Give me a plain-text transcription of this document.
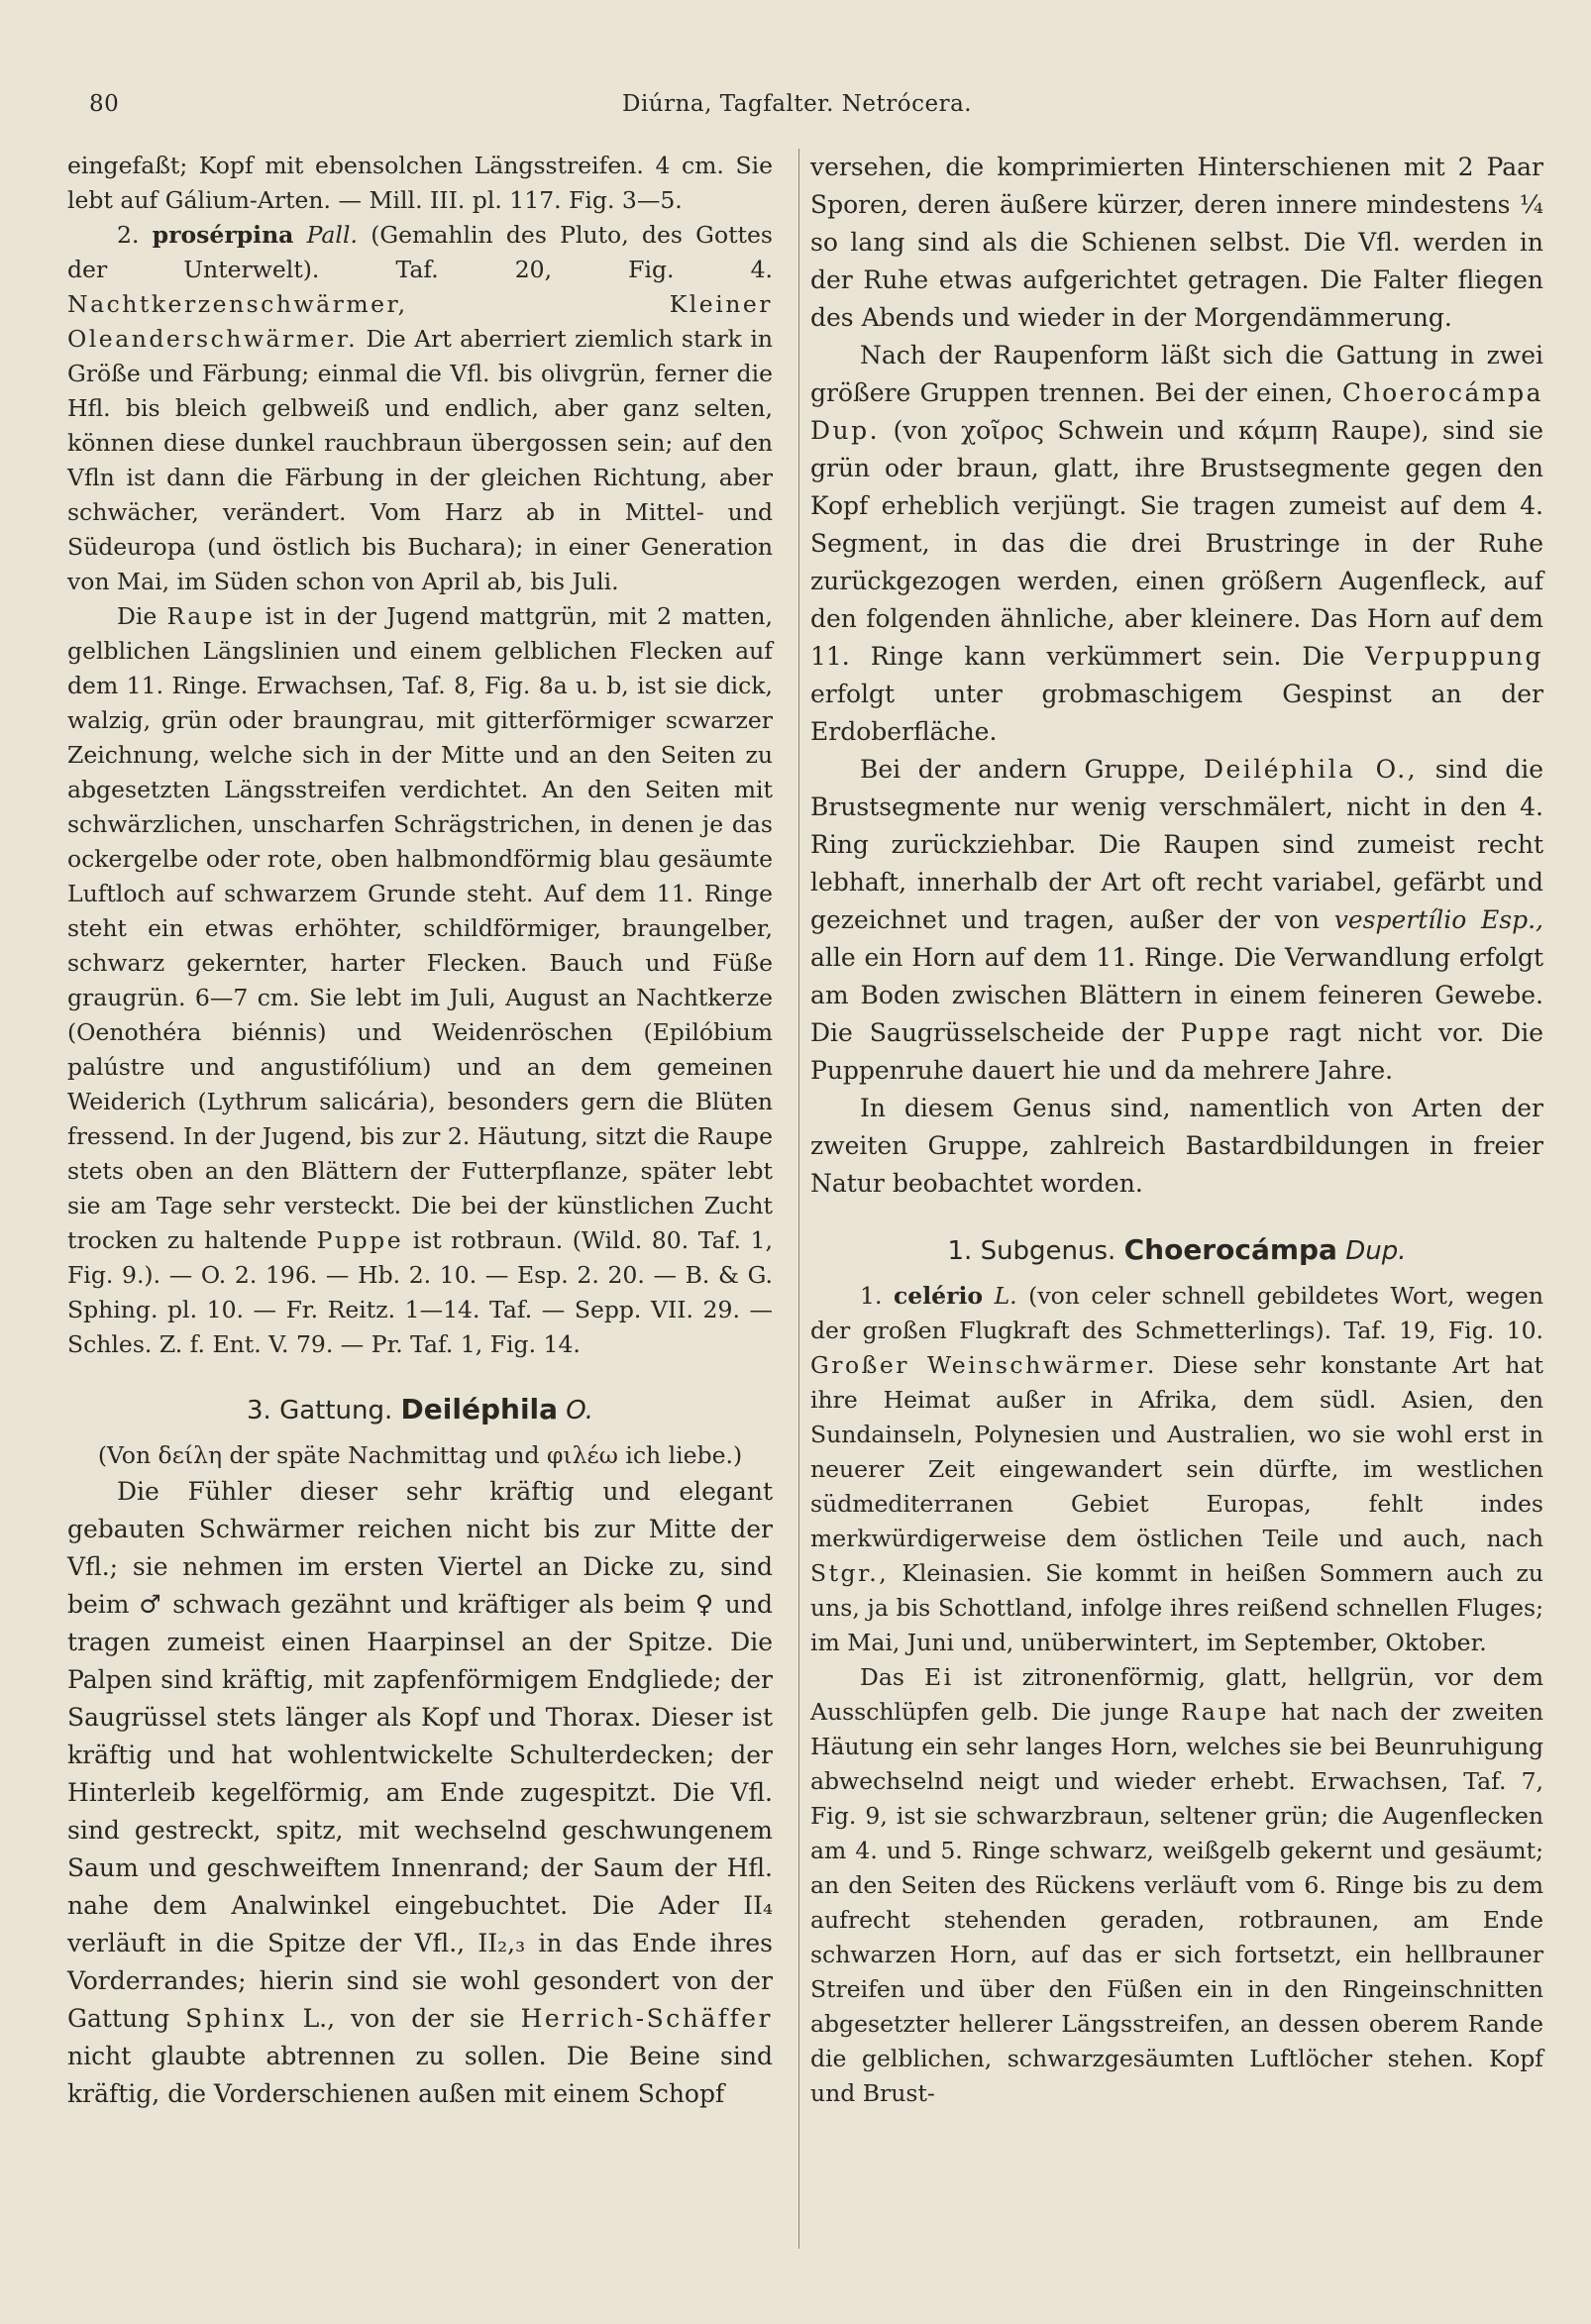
80	Diúrna, Tagfalter. Netrócera.

eingefaßt; Kopf mit ebensolchen Längsstreifen. 4 cm. Sie lebt auf Gálium-Arten. — Mill. III. pl. 117. Fig. 3—5.

2. prosérpina Pall. (Gemahlin des Pluto, des Gottes der Unterwelt). Taf. 20, Fig. 4. Nachtkerzenschwärmer, Kleiner Oleanderschwärmer. Die Art aberriert ziemlich stark in Größe und Färbung; einmal die Vfl. bis olivgrün, ferner die Hfl. bis bleich gelbweiß und endlich, aber ganz selten, können diese dunkel rauchbraun übergossen sein; auf den Vfln ist dann die Färbung in der gleichen Richtung, aber schwächer, verändert. Vom Harz ab in Mittel- und Südeuropa (und östlich bis Buchara); in einer Generation von Mai, im Süden schon von April ab, bis Juli.

Die Raupe ist in der Jugend mattgrün, mit 2 matten, gelblichen Längslinien und einem gelblichen Flecken auf dem 11. Ringe. Erwachsen, Taf. 8, Fig. 8a u. b, ist sie dick, walzig, grün oder braungrau, mit gitterförmiger scwarzer Zeichnung, welche sich in der Mitte und an den Seiten zu abgesetzten Längsstreifen verdichtet. An den Seiten mit schwärzlichen, unscharfen Schrägstrichen, in denen je das ockergelbe oder rote, oben halbmondförmig blau gesäumte Luftloch auf schwarzem Grunde steht. Auf dem 11. Ringe steht ein etwas erhöhter, schildförmiger, braungelber, schwarz gekernter, harter Flecken. Bauch und Füße graugrün. 6—7 cm. Sie lebt im Juli, August an Nachtkerze (Oenothéra biénnis) und Weidenröschen (Epilóbium palústre und angustifólium) und an dem gemeinen Weiderich (Lythrum salicária), besonders gern die Blüten fressend. In der Jugend, bis zur 2. Häutung, sitzt die Raupe stets oben an den Blättern der Futterpflanze, später lebt sie am Tage sehr versteckt. Die bei der künstlichen Zucht trocken zu haltende Puppe ist rotbraun. (Wild. 80. Taf. 1, Fig. 9.). — O. 2. 196. — Hb. 2. 10. — Esp. 2. 20. — B. & G. Sphing. pl. 10. — Fr. Reitz. 1—14. Taf. — Sepp. VII. 29. — Schles. Z. f. Ent. V. 79. — Pr. Taf. 1, Fig. 14.

3. Gattung. Deiléphila O.

(Von δείλη der späte Nachmittag und φιλέω ich liebe.)

Die Fühler dieser sehr kräftig und elegant gebauten Schwärmer reichen nicht bis zur Mitte der Vfl.; sie nehmen im ersten Viertel an Dicke zu, sind beim ♂ schwach gezähnt und kräftiger als beim ♀ und tragen zumeist einen Haarpinsel an der Spitze. Die Palpen sind kräftig, mit zapfenförmigem Endgliede; der Saugrüssel stets länger als Kopf und Thorax. Dieser ist kräftig und hat wohlentwickelte Schulterdecken; der Hinterleib kegelförmig, am Ende zugespitzt. Die Vfl. sind gestreckt, spitz, mit wechselnd geschwungenem Saum und geschweiftem Innenrand; der Saum der Hfl. nahe dem Analwinkel eingebuchtet. Die Ader II₄ verläuft in die Spitze der Vfl., II₂,₃ in das Ende ihres Vorderrandes; hierin sind sie wohl gesondert von der Gattung Sphinx L., von der sie Herrich-Schäffer nicht glaubte abtrennen zu sollen. Die Beine sind kräftig, die Vorderschienen außen mit einem Schopf

versehen, die komprimierten Hinterschienen mit 2 Paar Sporen, deren äußere kürzer, deren innere mindestens ¼ so lang sind als die Schienen selbst. Die Vfl. werden in der Ruhe etwas aufgerichtet getragen. Die Falter fliegen des Abends und wieder in der Morgendämmerung.

Nach der Raupenform läßt sich die Gattung in zwei größere Gruppen trennen. Bei der einen, Choerocámpa Dup. (von χοῖρος Schwein und κάμπη Raupe), sind sie grün oder braun, glatt, ihre Brustsegmente gegen den Kopf erheblich verjüngt. Sie tragen zumeist auf dem 4. Segment, in das die drei Brustringe in der Ruhe zurückgezogen werden, einen größern Augenfleck, auf den folgenden ähnliche, aber kleinere. Das Horn auf dem 11. Ringe kann verkümmert sein. Die Verpuppung erfolgt unter grobmaschigem Gespinst an der Erdoberfläche.

Bei der andern Gruppe, Deiléphila O., sind die Brustsegmente nur wenig verschmälert, nicht in den 4. Ring zurückziehbar. Die Raupen sind zumeist recht lebhaft, innerhalb der Art oft recht variabel, gefärbt und gezeichnet und tragen, außer der von vespertílio Esp., alle ein Horn auf dem 11. Ringe. Die Verwandlung erfolgt am Boden zwischen Blättern in einem feineren Gewebe. Die Saugrüsselscheide der Puppe ragt nicht vor. Die Puppenruhe dauert hie und da mehrere Jahre.

In diesem Genus sind, namentlich von Arten der zweiten Gruppe, zahlreich Bastardbildungen in freier Natur beobachtet worden.

1. Subgenus. Choerocámpa Dup.

1. celério L. (von celer schnell gebildetes Wort, wegen der großen Flugkraft des Schmetterlings). Taf. 19, Fig. 10. Großer Weinschwärmer. Diese sehr konstante Art hat ihre Heimat außer in Afrika, dem südl. Asien, den Sundainseln, Polynesien und Australien, wo sie wohl erst in neuerer Zeit eingewandert sein dürfte, im westlichen südmediterranen Gebiet Europas, fehlt indes merkwürdigerweise dem östlichen Teile und auch, nach Stgr., Kleinasien. Sie kommt in heißen Sommern auch zu uns, ja bis Schottland, infolge ihres reißend schnellen Fluges; im Mai, Juni und, unüberwintert, im September, Oktober.

Das Ei ist zitronenförmig, glatt, hellgrün, vor dem Ausschlüpfen gelb. Die junge Raupe hat nach der zweiten Häutung ein sehr langes Horn, welches sie bei Beunruhigung abwechselnd neigt und wieder erhebt. Erwachsen, Taf. 7, Fig. 9, ist sie schwarzbraun, seltener grün; die Augenflecken am 4. und 5. Ringe schwarz, weißgelb gekernt und gesäumt; an den Seiten des Rückens verläuft vom 6. Ringe bis zu dem aufrecht stehenden geraden, rotbraunen, am Ende schwarzen Horn, auf das er sich fortsetzt, ein hellbrauner Streifen und über den Füßen ein in den Ringeinschnitten abgesetzter hellerer Längsstreifen, an dessen oberem Rande die gelblichen, schwarzgesäumten Luftlöcher stehen. Kopf und Brust-
